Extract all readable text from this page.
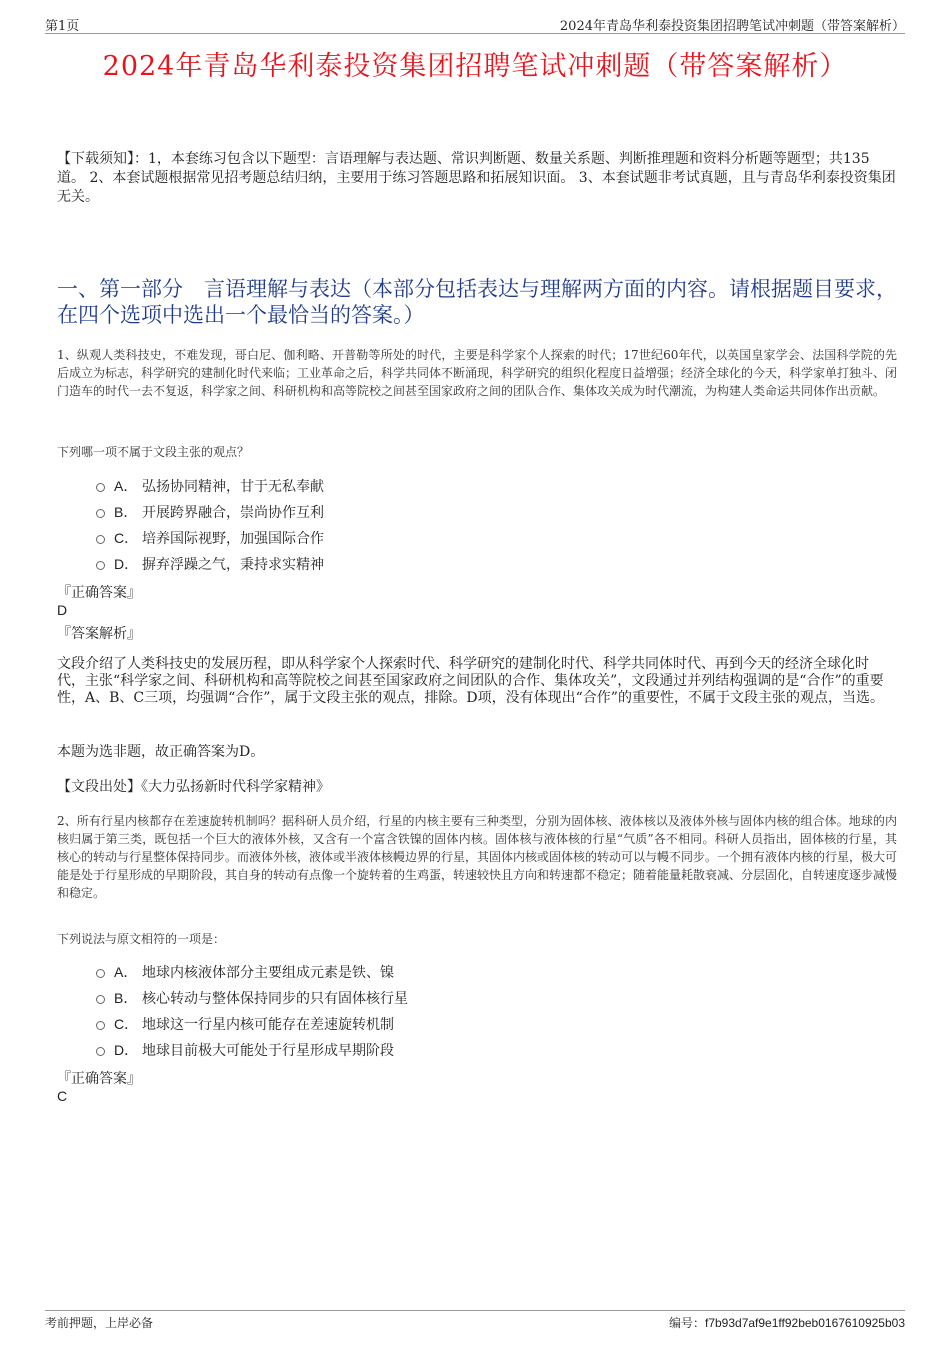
第1页	2024年青岛华利泰投资集团招聘笔试冲刺题（带答案解析）
2024年青岛华利泰投资集团招聘笔试冲刺题（带答案解析）
【下载须知】：1，本套练习包含以下题型：言语理解与表达题、常识判断题、数量关系题、判断推理题和资料分析题等题型；共135道。 2、本套试题根据常见招考题总结归纳，主要用于练习答题思路和拓展知识面。 3、本套试题非考试真题，且与青岛华利泰投资集团无关。
一、第一部分　言语理解与表达（本部分包括表达与理解两方面的内容。请根据题目要求，在四个选项中选出一个最恰当的答案。）
1、纵观人类科技史，不难发现，哥白尼、伽利略、开普勒等所处的时代，主要是科学家个人探索的时代；17世纪60年代，以英国皇家学会、法国科学院的先后成立为标志，科学研究的建制化时代来临；工业革命之后，科学共同体不断涌现，科学研究的组织化程度日益增强；经济全球化的今天，科学家单打独斗、闭门造车的时代一去不复返，科学家之间、科研机构和高等院校之间甚至国家政府之间的团队合作、集体攻关成为时代潮流，为构建人类命运共同体作出贡献。
下列哪一项不属于文段主张的观点？
A． 弘扬协同精神，甘于无私奉献
B． 开展跨界融合，崇尚协作互利
C． 培养国际视野，加强国际合作
D． 摒弃浮躁之气，秉持求实精神
『正确答案』
D
『答案解析』
文段介绍了人类科技史的发展历程，即从科学家个人探索时代、科学研究的建制化时代、科学共同体时代、再到今天的经济全球化时代，主张“科学家之间、科研机构和高等院校之间甚至国家政府之间团队的合作、集体攻关”，文段通过并列结构强调的是“合作”的重要性，A、B、C三项，均强调“合作”，属于文段主张的观点，排除。D项，没有体现出“合作”的重要性，不属于文段主张的观点，当选。
本题为选非题，故正确答案为D。
【文段出处】《大力弘扬新时代科学家精神》
2、所有行星内核都存在差速旋转机制吗？据科研人员介绍，行星的内核主要有三种类型，分别为固体核、液体核以及液体外核与固体内核的组合体。地球的内核归属于第三类，既包括一个巨大的液体外核，又含有一个富含铁镍的固体内核。固体核与液体核的行星“气质”各不相同。科研人员指出，固体核的行星，其核心的转动与行星整体保持同步。而液体外核，液体或半液体核幔边界的行星，其固体内核或固体核的转动可以与幔不同步。一个拥有液体内核的行星，极大可能是处于行星形成的早期阶段，其自身的转动有点像一个旋转着的生鸡蛋，转速较快且方向和转速都不稳定；随着能量耗散衰减、分层固化，自转速度逐步减慢和稳定。
下列说法与原文相符的一项是：
A． 地球内核液体部分主要组成元素是铁、镍
B． 核心转动与整体保持同步的只有固体核行星
C． 地球这一行星内核可能存在差速旋转机制
D． 地球目前极大可能处于行星形成早期阶段
『正确答案』
C
考前押题，上岸必备	编号：f7b93d7af9e1ff92beb0167610925b03
